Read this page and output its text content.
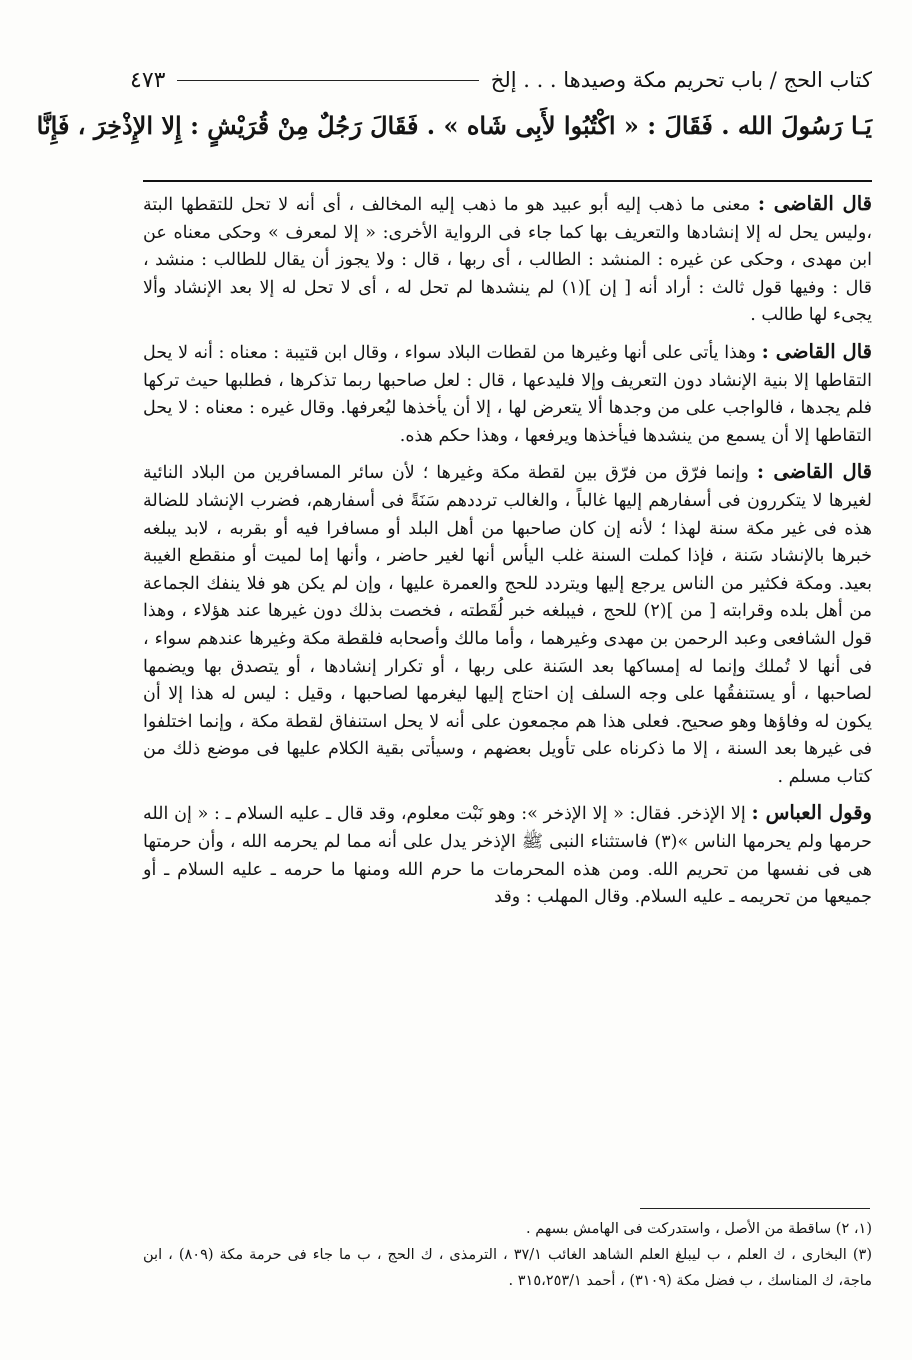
كتاب الحج / باب تحريم مكة وصيدها . . . إلخ
٤٧٣
يَـا رَسُولَ الله . فَقَالَ : « اكْتُبُوا لأَبِى شَاه » . فَقَالَ رَجُلٌ مِنْ قُرَيْشٍ : إِلا الإِذْخِرَ ، فَإِنَّا

قال القاضى : معنى ما ذهب إليه أبو عبيد هو ما ذهب إليه المخالف ، أى أنه لا تحل للتقطها البتة ،وليس يحل له إلا إنشادها والتعريف بها كما جاء فى الرواية الأخرى: « إلا لمعرف » وحكى معناه عن ابن مهدى ، وحكى عن غيره : المنشد : الطالب ، أى ربها ، قال : ولا يجوز أن يقال للطالب : منشد ، قال : وفيها قول ثالث : أراد أنه [ إن ](١) لم ينشدها لم تحل له ، أى لا تحل له إلا بعد الإنشاد وألا يجىء لها طالب .

قال القاضى : وهذا يأتى على أنها وغيرها من لقطات البلاد سواء ، وقال ابن قتيبة : معناه : أنه لا يحل التقاطها إلا بنية الإنشاد دون التعريف وإلا فليدعها ، قال : لعل صاحبها ربما تذكرها ، فطلبها حيث تركها فلم يجدها ، فالواجب على من وجدها ألا يتعرض لها ، إلا أن يأخذها ليُعرفها. وقال غيره : معناه : لا يحل التقاطها إلا أن يسمع من ينشدها فيأخذها ويرفعها ، وهذا حكم هذه.

قال القاضى : وإنما فرّق من فرّق بين لقطة مكة وغيرها ؛ لأن سائر المسافرين من البلاد النائية لغيرها لا يتكررون فى أسفارهم إليها غالباً ، والغالب ترددهم سَنَةً فى أسفارهم، فضرب الإنشاد للضالة هذه فى غير مكة سنة لهذا ؛ لأنه إن كان صاحبها من أهل البلد أو مسافرا فيه أو بقربه ، لابد يبلغه خبرها بالإنشاد سَنة ، فإذا كملت السنة غلب اليأس أنها لغير حاضر ، وأنها إما لميت أو منقطع الغيبة بعيد. ومكة فكثير من الناس يرجع إليها ويتردد للحج والعمرة عليها ، وإن لم يكن هو فلا ينفك الجماعة من أهل بلده وقرابته [ من ](٢) للحج ، فيبلغه خبر لُقَطته ، فخصت بذلك دون غيرها عند هؤلاء ، وهذا قول الشافعى وعبد الرحمن بن مهدى وغيرهما ، وأما مالك وأصحابه فلقطة مكة وغيرها عندهم سواء ، فى أنها لا تُملك وإنما له إمساكها بعد السَنة على ربها ، أو تكرار إنشادها ، أو يتصدق بها ويضمها لصاحبها ، أو يستنفقُها على وجه السلف إن احتاج إليها ليغرمها لصاحبها ، وقيل : ليس له هذا إلا أن يكون له وفاؤها وهو صحيح. فعلى هذا هم مجمعون على أنه لا يحل استنفاق لقطة مكة ، وإنما اختلفوا فى غيرها بعد السنة ، إلا ما ذكرناه على تأويل بعضهم ، وسيأتى بقية الكلام عليها فى موضع ذلك من كتاب مسلم .

وقول العباس : إلا الإذخر. فقال: « إلا الإذخر »: وهو نَبْت معلوم، وقد قال ـ عليه السلام ـ : « إن الله حرمها ولم يحرمها الناس »(٣) فاستثناء النبى ﷺ الإذخر يدل على أنه مما لم يحرمه الله ، وأن حرمتها هى فى نفسها من تحريم الله. ومن هذه المحرمات ما حرم الله ومنها ما حرمه ـ عليه السلام ـ أو جميعها من تحريمه ـ عليه السلام. وقال المهلب : وقد

(١، ٢) ساقطة من الأصل ، واستدركت فى الهامش بسهم .

(٣) البخارى ، ك العلم ، ب ليبلغ العلم الشاهد الغائب ٣٧/١ ، الترمذى ، ك الحج ، ب ما جاء فى حرمة مكة (٨٠٩) ، ابن ماجة، ك المناسك ، ب فضل مكة (٣١٠٩) ، أحمد ٣١٥،٢٥٣/١ .
